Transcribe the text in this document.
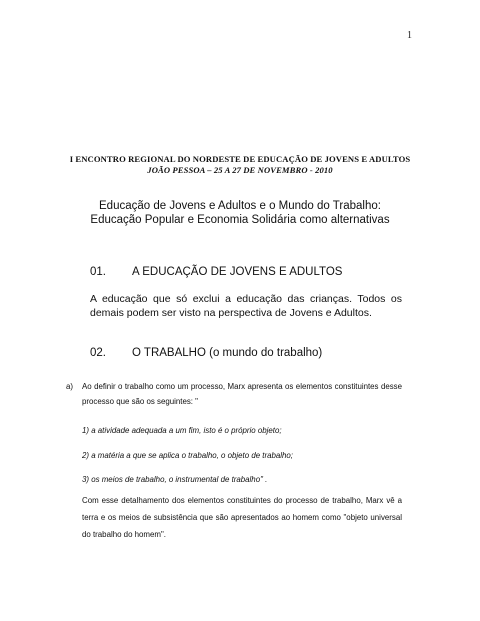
1
I ENCONTRO REGIONAL DO NORDESTE DE EDUCAÇÃO DE JOVENS E ADULTOS
JOÃO PESSOA – 25 A 27 DE NOVEMBRO - 2010
Educação de Jovens e Adultos e o Mundo do Trabalho:
Educação Popular e Economia Solidária como alternativas
01.	A EDUCAÇÃO DE JOVENS E ADULTOS
A educação que só exclui a educação das crianças. Todos os demais podem ser visto na perspectiva de Jovens e Adultos.
02.	O TRABALHO (o mundo do trabalho)
a)	Ao definir o trabalho como um processo, Marx apresenta os elementos constituintes desse processo que são os seguintes: "
1) a atividade adequada a um fim, isto é o próprio objeto;
2) a matéria a que se aplica o trabalho, o objeto de trabalho;
3) os meios de trabalho, o instrumental de trabalho" .
Com esse detalhamento dos elementos constituintes do processo de trabalho, Marx vê a terra e os meios de subsistência que são apresentados ao homem como "objeto universal do trabalho do homem".
